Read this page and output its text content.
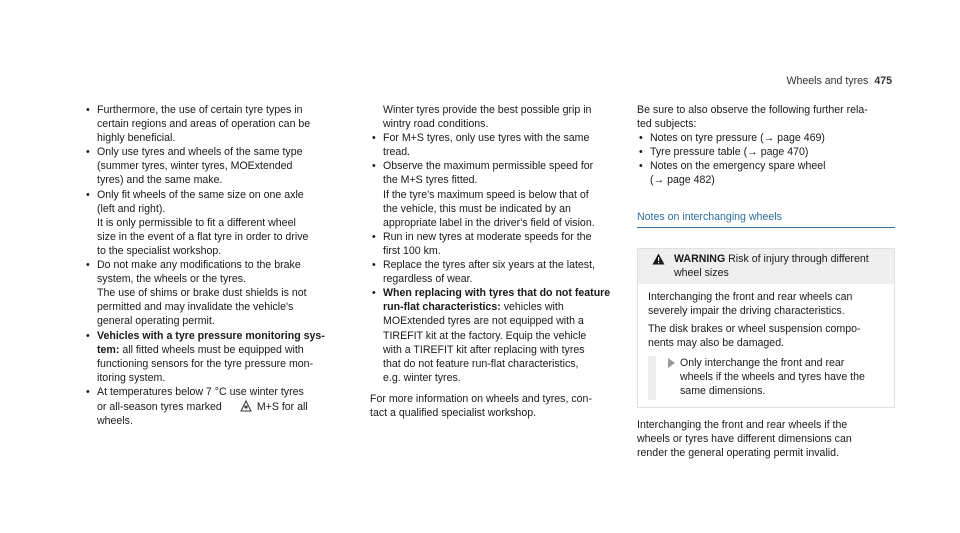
Wheels and tyres 475
• Furthermore, the use of certain tyre types in
certain regions and areas of operation can be
highly beneficial.
• Only use tyres and wheels of the same type
(summer tyres, winter tyres, MOExtended
tyres) and the same make.
• Only fit wheels of the same size on one axle
(left and right).
It is only permissible to fit a different wheel
size in the event of a flat tyre in order to drive
to the specialist workshop.
• Do not make any modifications to the brake
system, the wheels or the tyres.
The use of shims or brake dust shields is not
permitted and may invalidate the vehicle's
general operating permit.
• Vehicles with a tyre pressure monitoring sys-
tem: all fitted wheels must be equipped with
functioning sensors for the tyre pressure mon-
itoring system.
• At temperatures below 7 °C use winter tyres
or all-season tyres marked	M+S for all
wheels.
Winter tyres provide the best possible grip in
wintry road conditions.
• For M+S tyres, only use tyres with the same
tread.
• Observe the maximum permissible speed for
the M+S tyres fitted.
If the tyre's maximum speed is below that of
the vehicle, this must be indicated by an
appropriate label in the driver's field of vision.
• Run in new tyres at moderate speeds for the
first 100 km.
• Replace the tyres after six years at the latest,
regardless of wear.
• When replacing with tyres that do not feature
run-flat characteristics: vehicles with
MOExtended tyres are not equipped with a
TIREFIT kit at the factory. Equip the vehicle
with a TIREFIT kit after replacing with tyres
that do not feature run-flat characteristics,
e.g. winter tyres.
For more information on wheels and tyres, con-
tact a qualified specialist workshop.
Be sure to also observe the following further rela-
ted subjects:
• Notes on tyre pressure (→ page 469)
• Tyre pressure table (→ page 470)
• Notes on the emergency spare wheel
(→ page 482)
Notes on interchanging wheels
WARNING Risk of injury through different
wheel sizes

Interchanging the front and rear wheels can
severely impair the driving characteristics.

The disk brakes or wheel suspension compo-
nents may also be damaged.

Only interchange the front and rear
wheels if the wheels and tyres have the
same dimensions.
Interchanging the front and rear wheels if the
wheels or tyres have different dimensions can
render the general operating permit invalid.
